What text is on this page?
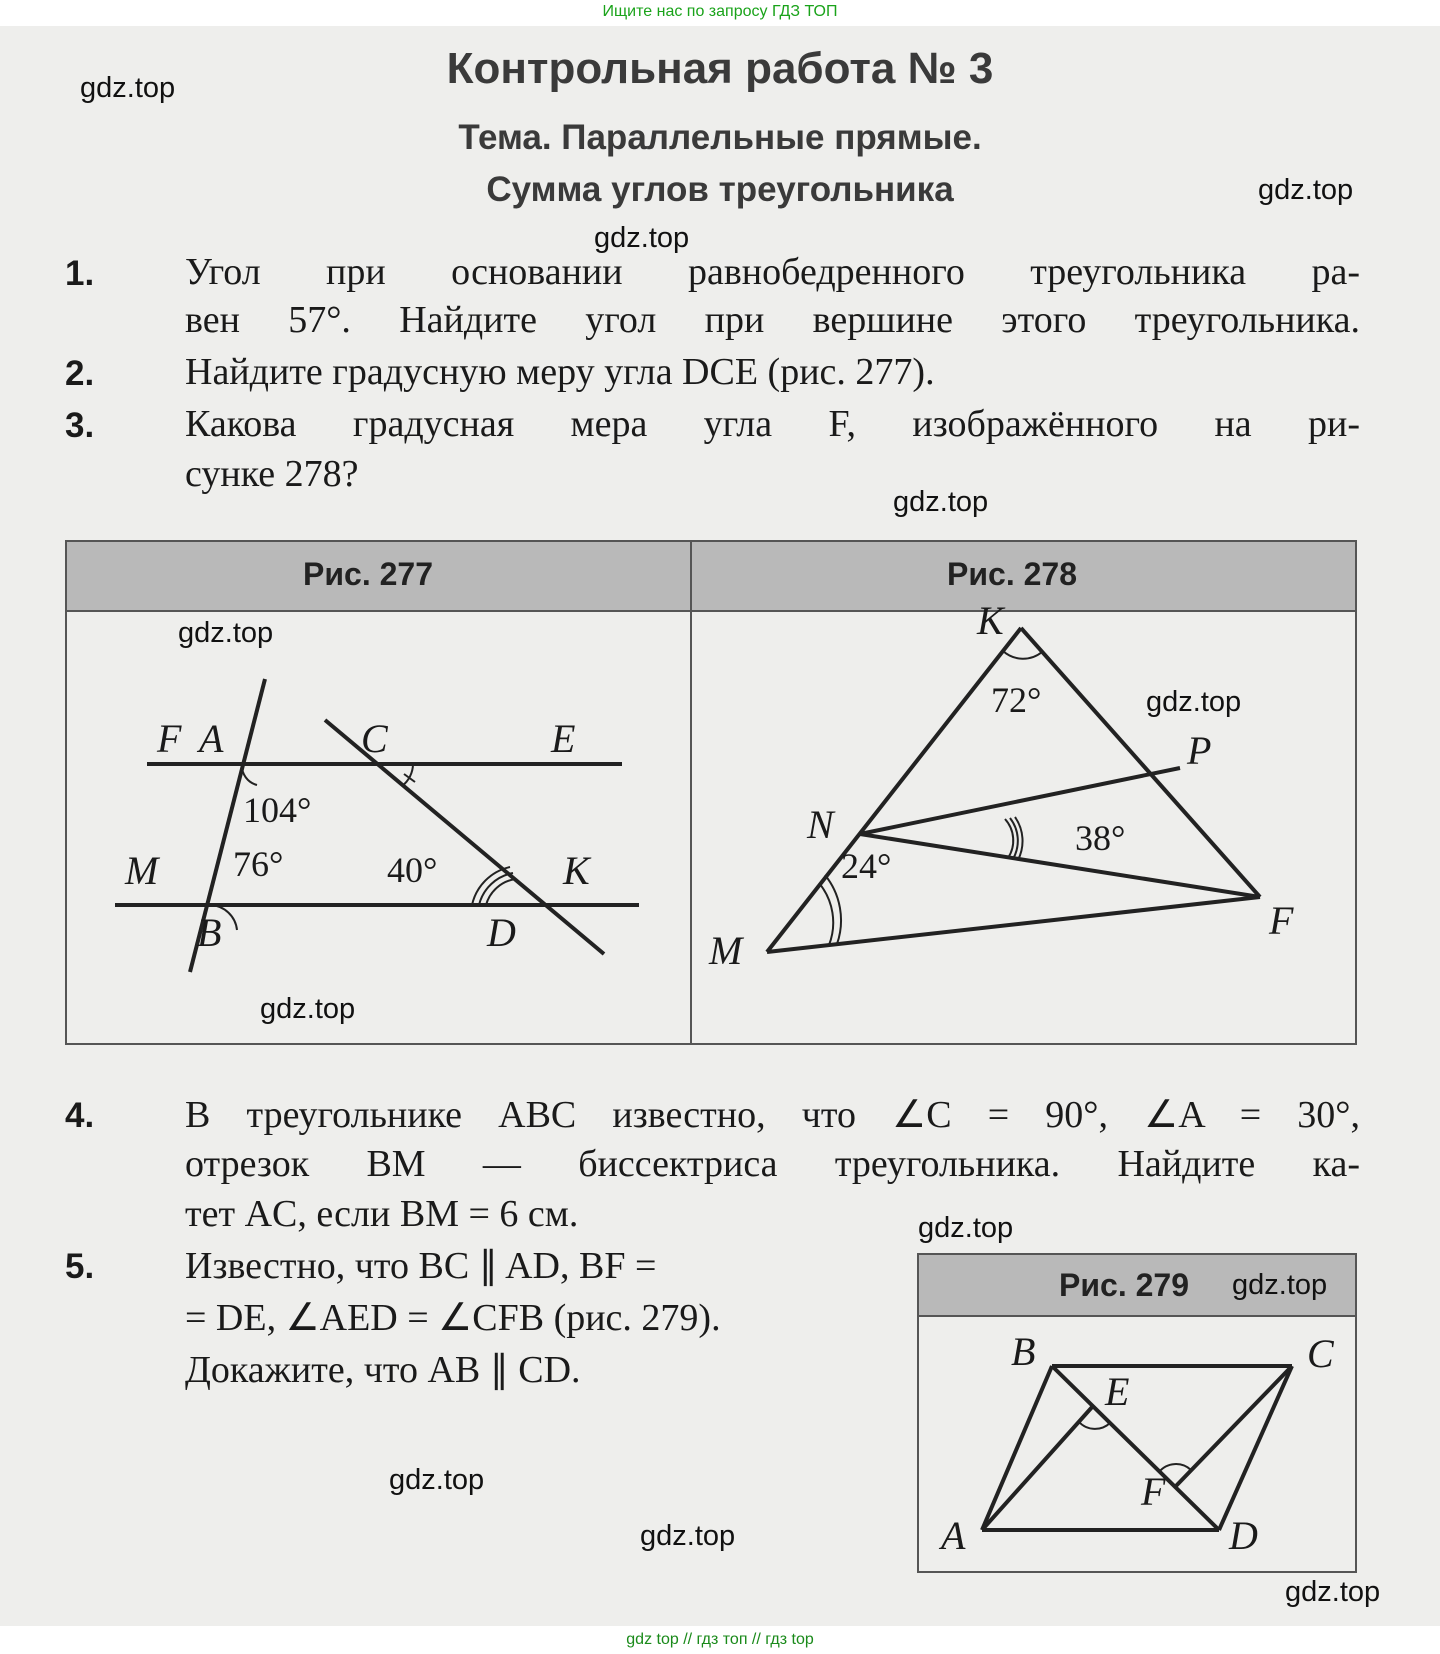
Ищите нас по запросу ГДЗ ТОП
Контрольная работа № 3
Тема. Параллельные прямые.
Сумма углов треугольника
1. Угол при основании равнобедренного треугольника ра-
вен 57°. Найдите угол при вершине этого треугольника.
2. Найдите градусную меру угла DCE (рис. 277).
3. Какова градусная мера угла F, изображённого на ри-
сунке 278?
Рис. 277	Рис. 278
F A	C	E
M
B	D
K
104°
76°	40°
K
P
N
M
F
72°
38°
24°
4. В треугольнике ABC известно, что ∠C = 90°, ∠A = 30°,
отрезок BM — биссектриса треугольника. Найдите ка-
тет AC, если BM = 6 см.
5. Известно, что BC ∥ AD, BF =
= DE, ∠AED = ∠CFB (рис. 279).
Докажите, что AB ∥ CD.
Рис. 279
B	C
E
F
A	D
gdz.top
gdz.top
gdz.top
gdz.top
gdz.top
gdz.top
gdz.top
gdz.top
gdz.top
gdz.top
gdz.top
gdz.top
gdz top // гдз топ // гдз top
